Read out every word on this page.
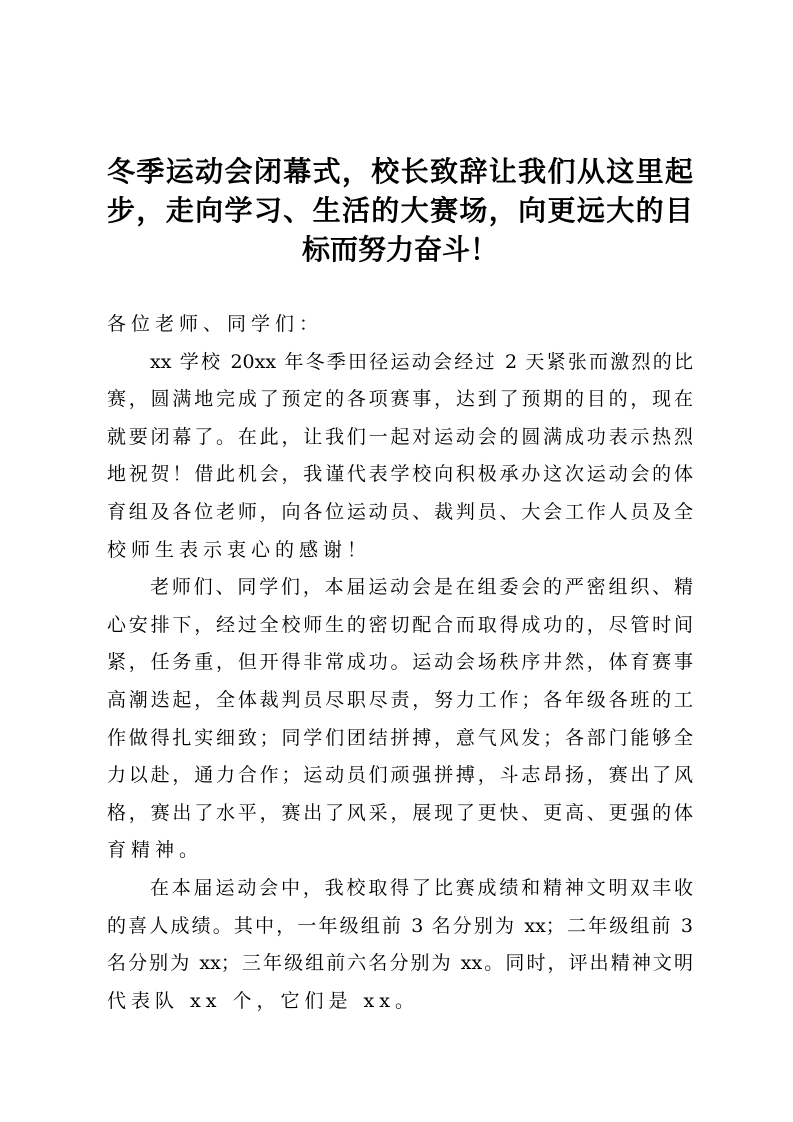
冬季运动会闭幕式，校长致辞让我们从这里起
步，走向学习、生活的大赛场，向更远大的目
标而努力奋斗！
各位老师、同学们：
xx 学校 20xx 年冬季田径运动会经过 2 天紧张而激烈的比
赛，圆满地完成了预定的各项赛事，达到了预期的目的，现在
就要闭幕了。在此，让我们一起对运动会的圆满成功表示热烈
地祝贺！借此机会，我谨代表学校向积极承办这次运动会的体
育组及各位老师，向各位运动员、裁判员、大会工作人员及全
校师生表示衷心的感谢！
老师们、同学们，本届运动会是在组委会的严密组织、精
心安排下，经过全校师生的密切配合而取得成功的，尽管时间
紧，任务重，但开得非常成功。运动会场秩序井然，体育赛事
高潮迭起，全体裁判员尽职尽责，努力工作；各年级各班的工
作做得扎实细致；同学们团结拼搏，意气风发；各部门能够全
力以赴，通力合作；运动员们顽强拼搏，斗志昂扬，赛出了风
格，赛出了水平，赛出了风采，展现了更快、更高、更强的体
育精神。
在本届运动会中，我校取得了比赛成绩和精神文明双丰收
的喜人成绩。其中，一年级组前 3 名分别为 xx；二年级组前 3
名分别为 xx；三年级组前六名分别为 xx。同时，评出精神文明
代表队 xx 个，它们是 xx。
